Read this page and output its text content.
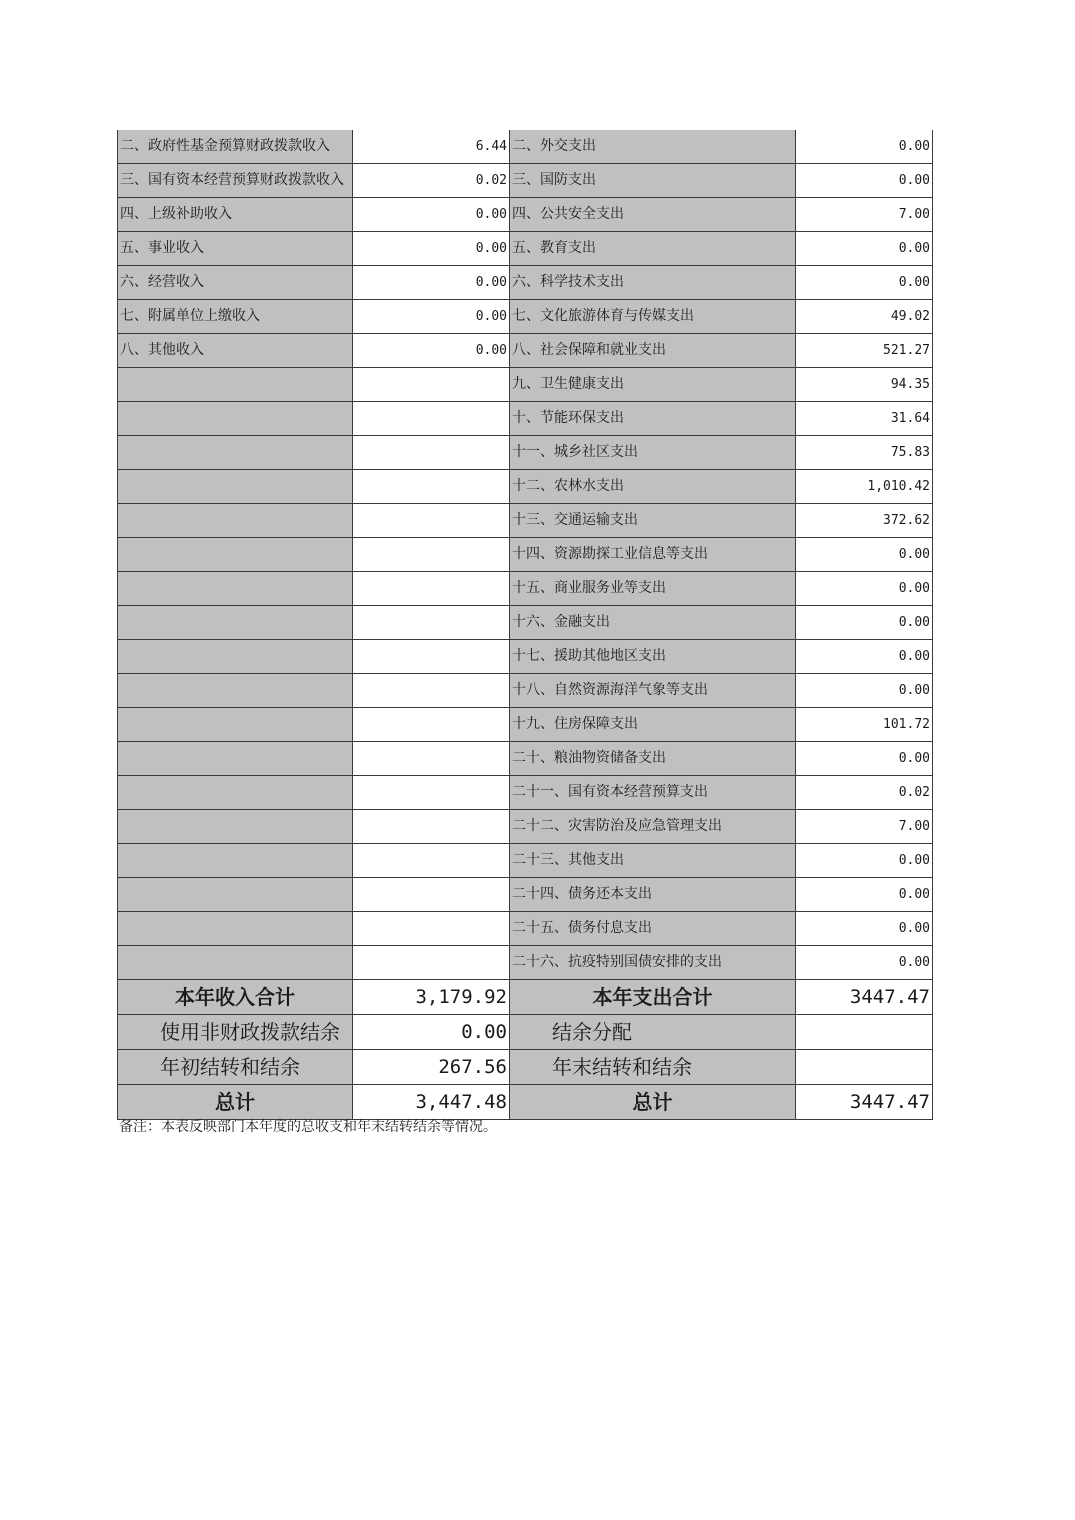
二、政府性基金预算财政拨款收入	6.44	二、外交支出	0.00
三、国有资本经营预算财政拨款收入	0.02	三、国防支出	0.00
四、上级补助收入	0.00	四、公共安全支出	7.00
五、事业收入	0.00	五、教育支出	0.00
六、经营收入	0.00	六、科学技术支出	0.00
七、附属单位上缴收入	0.00	七、文化旅游体育与传媒支出	49.02
八、其他收入	0.00	八、社会保障和就业支出	521.27
		九、卫生健康支出	94.35
		十、节能环保支出	31.64
		十一、城乡社区支出	75.83
		十二、农林水支出	1,010.42
		十三、交通运输支出	372.62
		十四、资源勘探工业信息等支出	0.00
		十五、商业服务业等支出	0.00
		十六、金融支出	0.00
		十七、援助其他地区支出	0.00
		十八、自然资源海洋气象等支出	0.00
		十九、住房保障支出	101.72
		二十、粮油物资储备支出	0.00
		二十一、国有资本经营预算支出	0.02
		二十二、灾害防治及应急管理支出	7.00
		二十三、其他支出	0.00
		二十四、债务还本支出	0.00
		二十五、债务付息支出	0.00
		二十六、抗疫特别国债安排的支出	0.00
本年收入合计	3,179.92	本年支出合计	3447.47
使用非财政拨款结余	0.00	结余分配	
年初结转和结余	267.56	年末结转和结余	
总计	3,447.48	总计	3447.47
备注：本表反映部门本年度的总收支和年末结转结余等情况。
